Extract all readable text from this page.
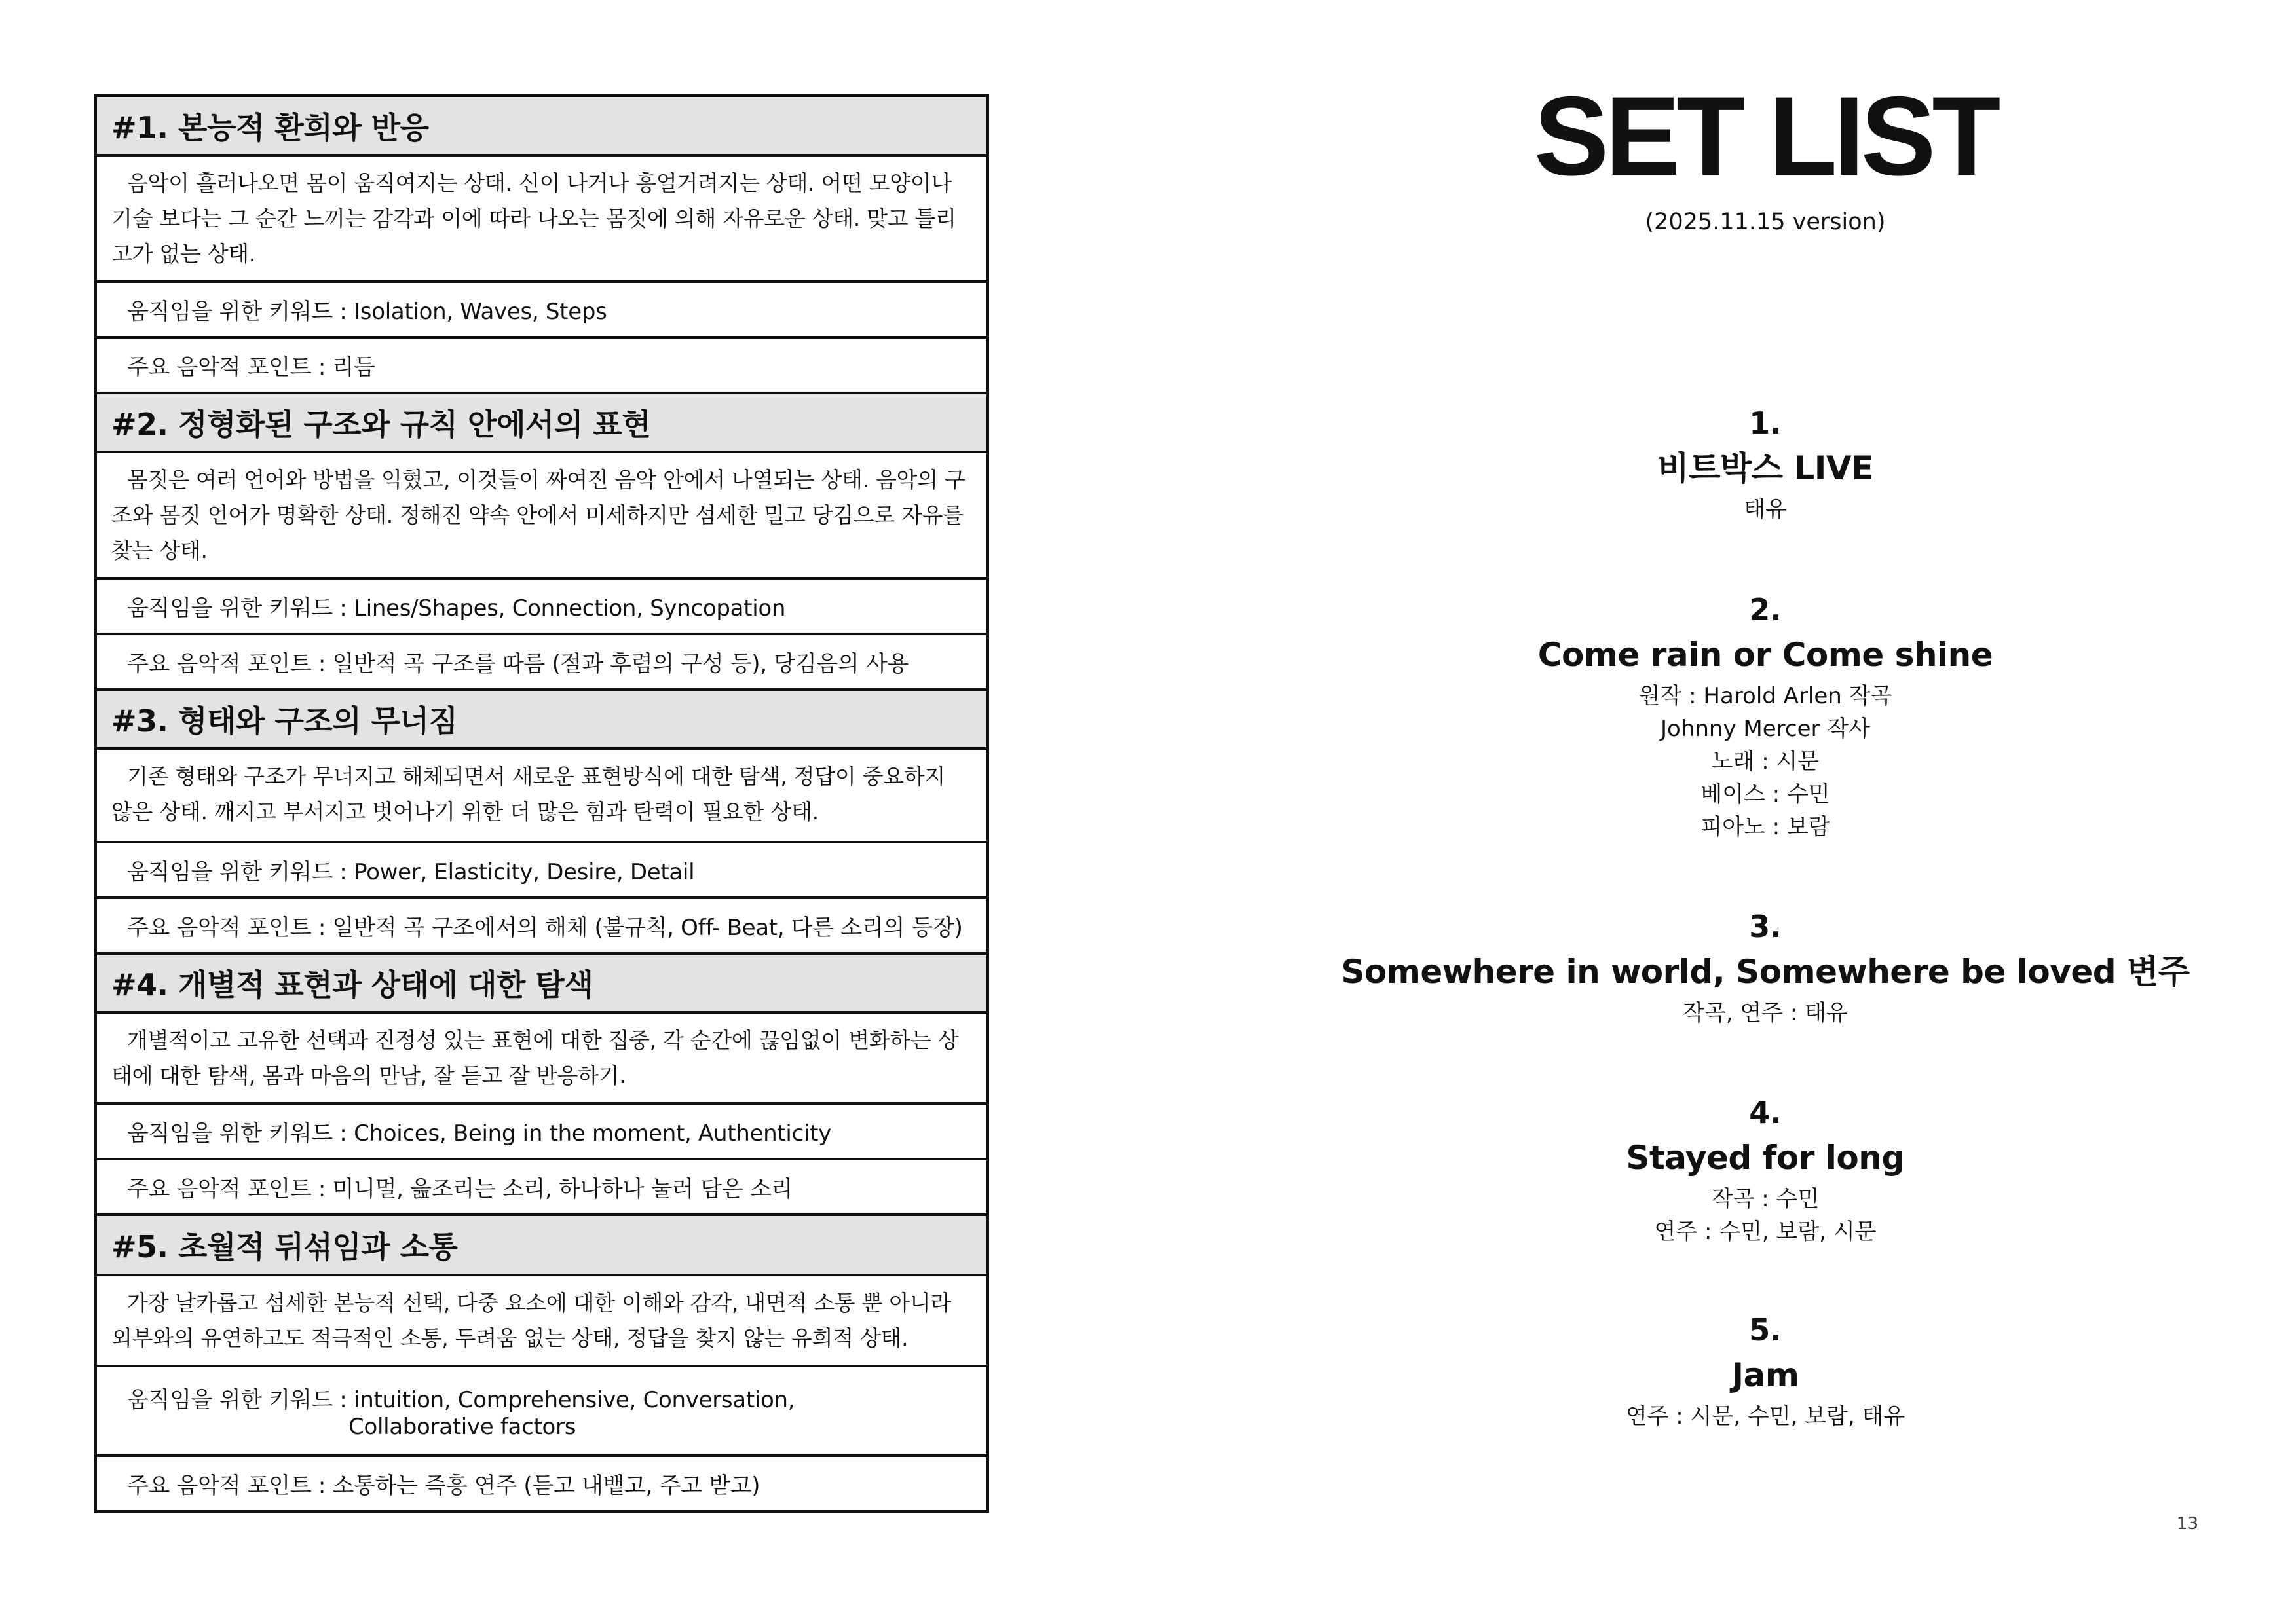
#1. 본능적 환희와 반응
음악이 흘러나오면 몸이 움직여지는 상태. 신이 나거나 흥얼거려지는 상태. 어떤 모양이나 기술 보다는 그 순간 느끼는 감각과 이에 따라 나오는 몸짓에 의해 자유로운 상태. 맞고 틀리고가 없는 상태.
움직임을 위한 키워드 : Isolation, Waves, Steps
주요 음악적 포인트 : 리듬
#2. 정형화된 구조와 규칙 안에서의 표현
몸짓은 여러 언어와 방법을 익혔고, 이것들이 짜여진 음악 안에서 나열되는 상태. 음악의 구조와 몸짓 언어가 명확한 상태. 정해진 약속 안에서 미세하지만 섬세한 밀고 당김으로 자유를 찾는 상태.
움직임을 위한 키워드 : Lines/Shapes, Connection, Syncopation
주요 음악적 포인트 : 일반적 곡 구조를 따름 (절과 후렴의 구성 등), 당김음의 사용
#3. 형태와 구조의 무너짐
기존 형태와 구조가 무너지고 해체되면서 새로운 표현방식에 대한 탐색, 정답이 중요하지 않은 상태. 깨지고 부서지고 벗어나기 위한 더 많은 힘과 탄력이 필요한 상태.
움직임을 위한 키워드 : Power, Elasticity, Desire, Detail
주요 음악적 포인트 : 일반적 곡 구조에서의 해체 (불규칙, Off- Beat, 다른 소리의 등장)
#4. 개별적 표현과 상태에 대한 탐색
개별적이고 고유한 선택과 진정성 있는 표현에 대한 집중, 각 순간에 끊임없이 변화하는 상태에 대한 탐색, 몸과 마음의 만남, 잘 듣고 잘 반응하기.
움직임을 위한 키워드 : Choices, Being in the moment, Authenticity
주요 음악적 포인트 : 미니멀, 읊조리는 소리, 하나하나 눌러 담은 소리
#5. 초월적 뒤섞임과 소통
가장 날카롭고 섬세한 본능적 선택, 다중 요소에 대한 이해와 감각, 내면적 소통 뿐 아니라 외부와의 유연하고도 적극적인 소통, 두려움 없는 상태, 정답을 찾지 않는 유희적 상태.
움직임을 위한 키워드 : intuition, Comprehensive, Conversation,
Collaborative factors
주요 음악적 포인트 : 소통하는 즉흥 연주 (듣고 내뱉고, 주고 받고)
SET LIST
(2025.11.15 version)
1.
비트박스 LIVE
태유
2.
Come rain or Come shine
원작 : Harold Arlen 작곡
Johnny Mercer 작사
노래 : 시문
베이스 : 수민
피아노 : 보람
3.
Somewhere in world, Somewhere be loved 변주
작곡, 연주 : 태유
4.
Stayed for long
작곡 : 수민
연주 : 수민, 보람, 시문
5.
Jam
연주 : 시문, 수민, 보람, 태유
13
